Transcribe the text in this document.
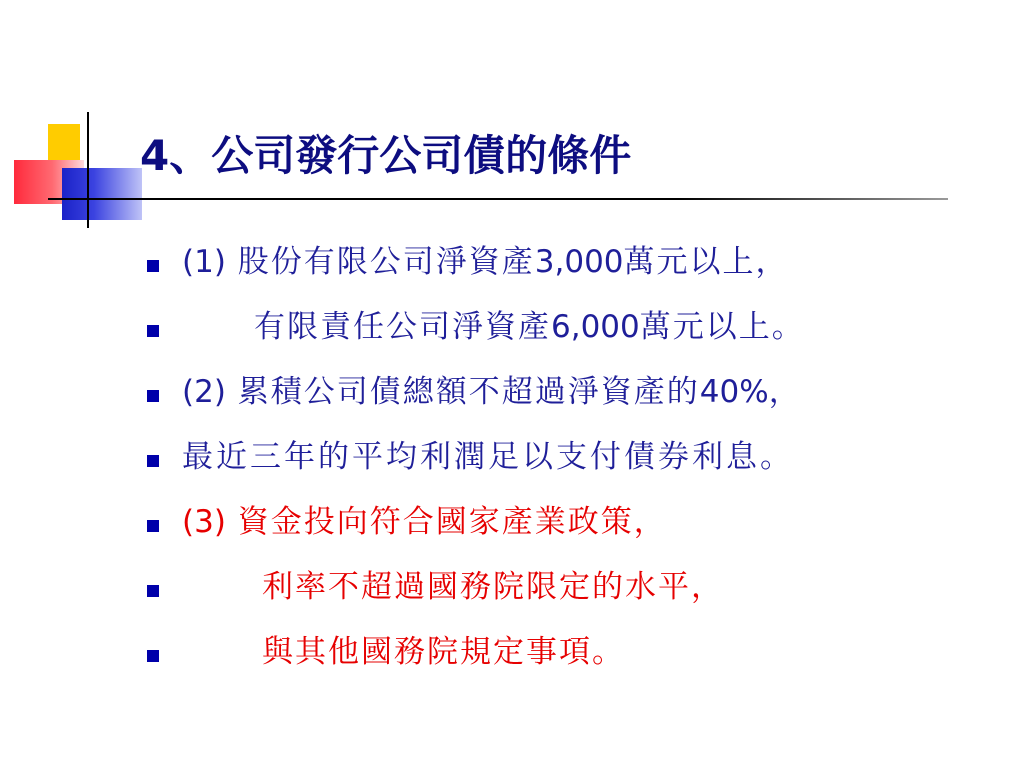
4、公司發行公司債的條件
(1) 股份有限公司淨資產3,000萬元以上，
有限責任公司淨資產6,000萬元以上。
(2) 累積公司債總額不超過淨資產的40%，
最近三年的平均利潤足以支付債券利息。
(3) 資金投向符合國家產業政策，
利率不超過國務院限定的水平，
與其他國務院規定事項。
